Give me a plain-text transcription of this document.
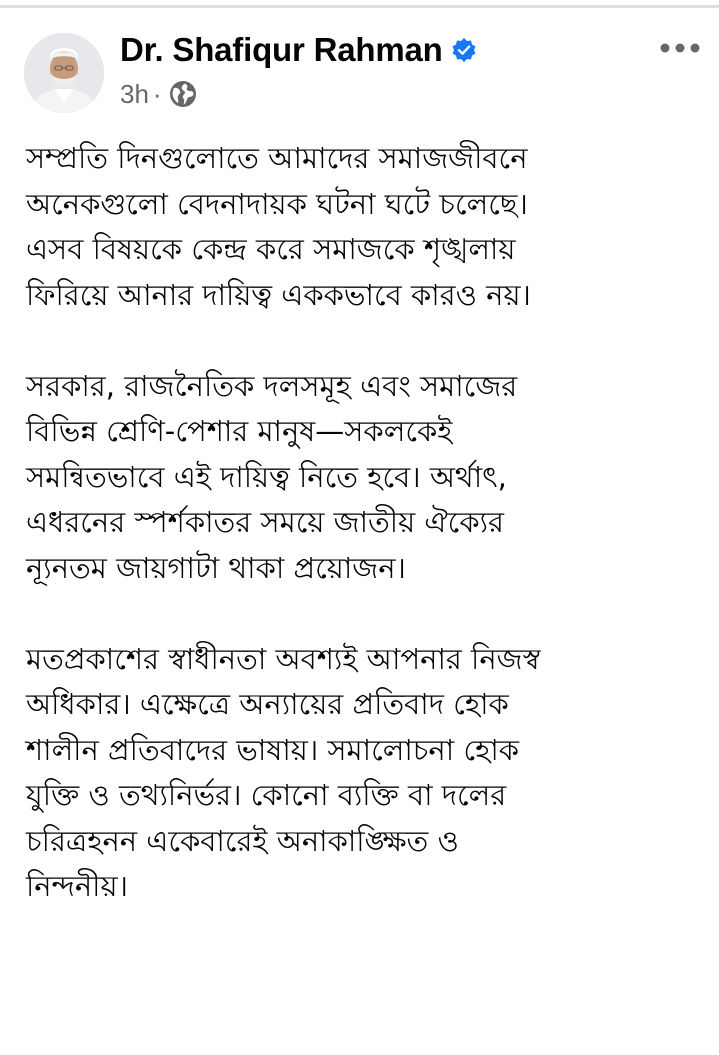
Dr. Shafiqur Rahman
3h ·

সম্প্রতি দিনগুলোতে আমাদের সমাজজীবনে
অনেকগুলো বেদনাদায়ক ঘটনা ঘটে চলেছে।
এসব বিষয়কে কেন্দ্র করে সমাজকে শৃঙ্খলায়
ফিরিয়ে আনার দায়িত্ব এককভাবে কারও নয়।

সরকার, রাজনৈতিক দলসমূহ এবং সমাজের
বিভিন্ন শ্রেণি-পেশার মানুষ—সকলকেই
সমন্বিতভাবে এই দায়িত্ব নিতে হবে। অর্থাৎ,
এধরনের স্পর্শকাতর সময়ে জাতীয় ঐক্যের
ন্যূনতম জায়গাটা থাকা প্রয়োজন।

মতপ্রকাশের স্বাধীনতা অবশ্যই আপনার নিজস্ব
অধিকার। এক্ষেত্রে অন্যায়ের প্রতিবাদ হোক
শালীন প্রতিবাদের ভাষায়। সমালোচনা হোক
যুক্তি ও তথ্যনির্ভর। কোনো ব্যক্তি বা দলের
চরিত্রহনন একেবারেই অনাকাঙ্ক্ষিত ও
নিন্দনীয়।
